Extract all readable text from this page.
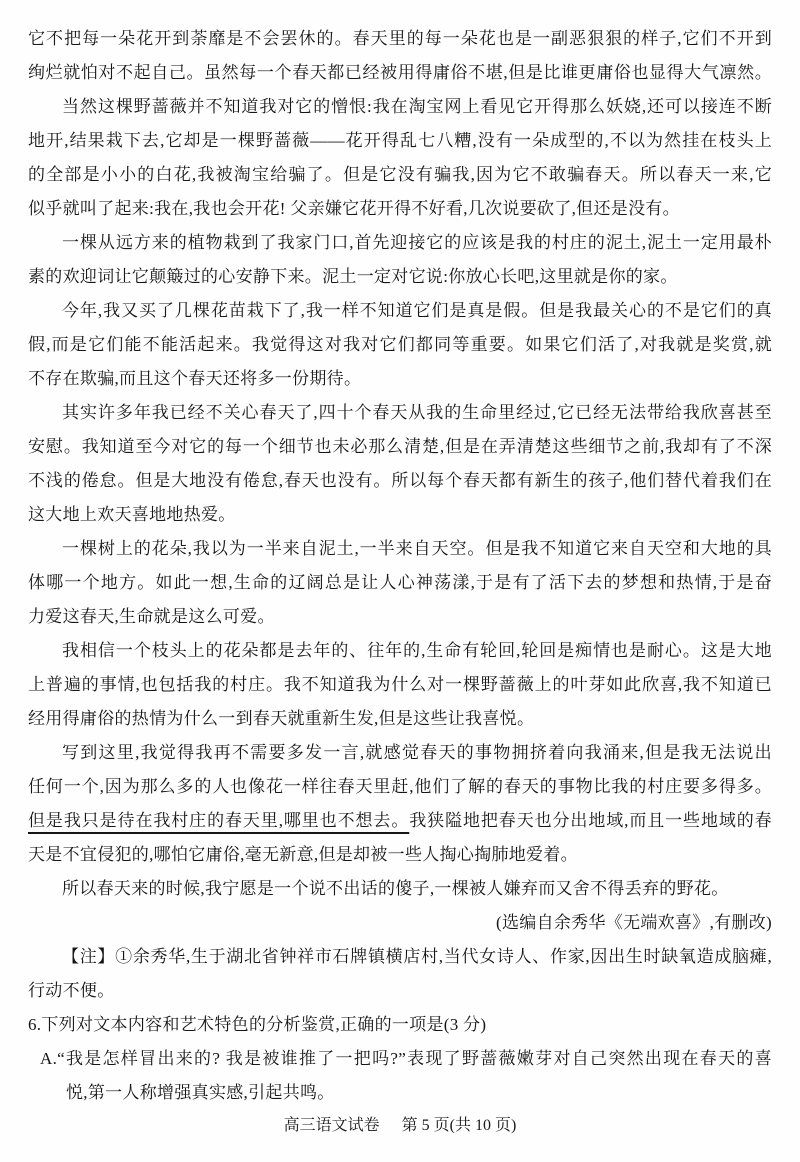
它不把每一朵花开到荼靡是不会罢休的。春天里的每一朵花也是一副恶狠狠的样子,它们不开到
绚烂就怕对不起自己。虽然每一个春天都已经被用得庸俗不堪,但是比谁更庸俗也显得大气凛然。
当然这棵野蔷薇并不知道我对它的憎恨:我在淘宝网上看见它开得那么妖娆,还可以接连不断
地开,结果栽下去,它却是一棵野蔷薇——花开得乱七八糟,没有一朵成型的,不以为然挂在枝头上
的全部是小小的白花,我被淘宝给骗了。但是它没有骗我,因为它不敢骗春天。所以春天一来,它
似乎就叫了起来:我在,我也会开花! 父亲嫌它花开得不好看,几次说要砍了,但还是没有。
一棵从远方来的植物栽到了我家门口,首先迎接它的应该是我的村庄的泥土,泥土一定用最朴
素的欢迎词让它颠簸过的心安静下来。泥土一定对它说:你放心长吧,这里就是你的家。
今年,我又买了几棵花苗栽下了,我一样不知道它们是真是假。但是我最关心的不是它们的真
假,而是它们能不能活起来。我觉得这对我对它们都同等重要。如果它们活了,对我就是奖赏,就
不存在欺骗,而且这个春天还将多一份期待。
其实许多年我已经不关心春天了,四十个春天从我的生命里经过,它已经无法带给我欣喜甚至
安慰。我知道至今对它的每一个细节也未必那么清楚,但是在弄清楚这些细节之前,我却有了不深
不浅的倦怠。但是大地没有倦怠,春天也没有。所以每个春天都有新生的孩子,他们替代着我们在
这大地上欢天喜地地热爱。
一棵树上的花朵,我以为一半来自泥土,一半来自天空。但是我不知道它来自天空和大地的具
体哪一个地方。如此一想,生命的辽阔总是让人心神荡漾,于是有了活下去的梦想和热情,于是奋
力爱这春天,生命就是这么可爱。
我相信一个枝头上的花朵都是去年的、往年的,生命有轮回,轮回是痴情也是耐心。这是大地
上普遍的事情,也包括我的村庄。我不知道我为什么对一棵野蔷薇上的叶芽如此欣喜,我不知道已
经用得庸俗的热情为什么一到春天就重新生发,但是这些让我喜悦。
写到这里,我觉得我再不需要多发一言,就感觉春天的事物拥挤着向我涌来,但是我无法说出
任何一个,因为那么多的人也像花一样往春天里赶,他们了解的春天的事物比我的村庄要多得多。
但是我只是待在我村庄的春天里,哪里也不想去。我狭隘地把春天也分出地域,而且一些地域的春
天是不宜侵犯的,哪怕它庸俗,毫无新意,但是却被一些人掏心掏肺地爱着。
所以春天来的时候,我宁愿是一个说不出话的傻子,一棵被人嫌弃而又舍不得丢弃的野花。
(选编自余秀华《无端欢喜》,有删改)
【注】①余秀华,生于湖北省钟祥市石牌镇横店村,当代女诗人、作家,因出生时缺氧造成脑瘫,
行动不便。
6.下列对文本内容和艺术特色的分析鉴赏,正确的一项是(3 分)
A.“我是怎样冒出来的? 我是被谁推了一把吗?”表现了野蔷薇嫩芽对自己突然出现在春天的喜
悦,第一人称增强真实感,引起共鸣。
高三语文试卷 第 5 页(共 10 页)
